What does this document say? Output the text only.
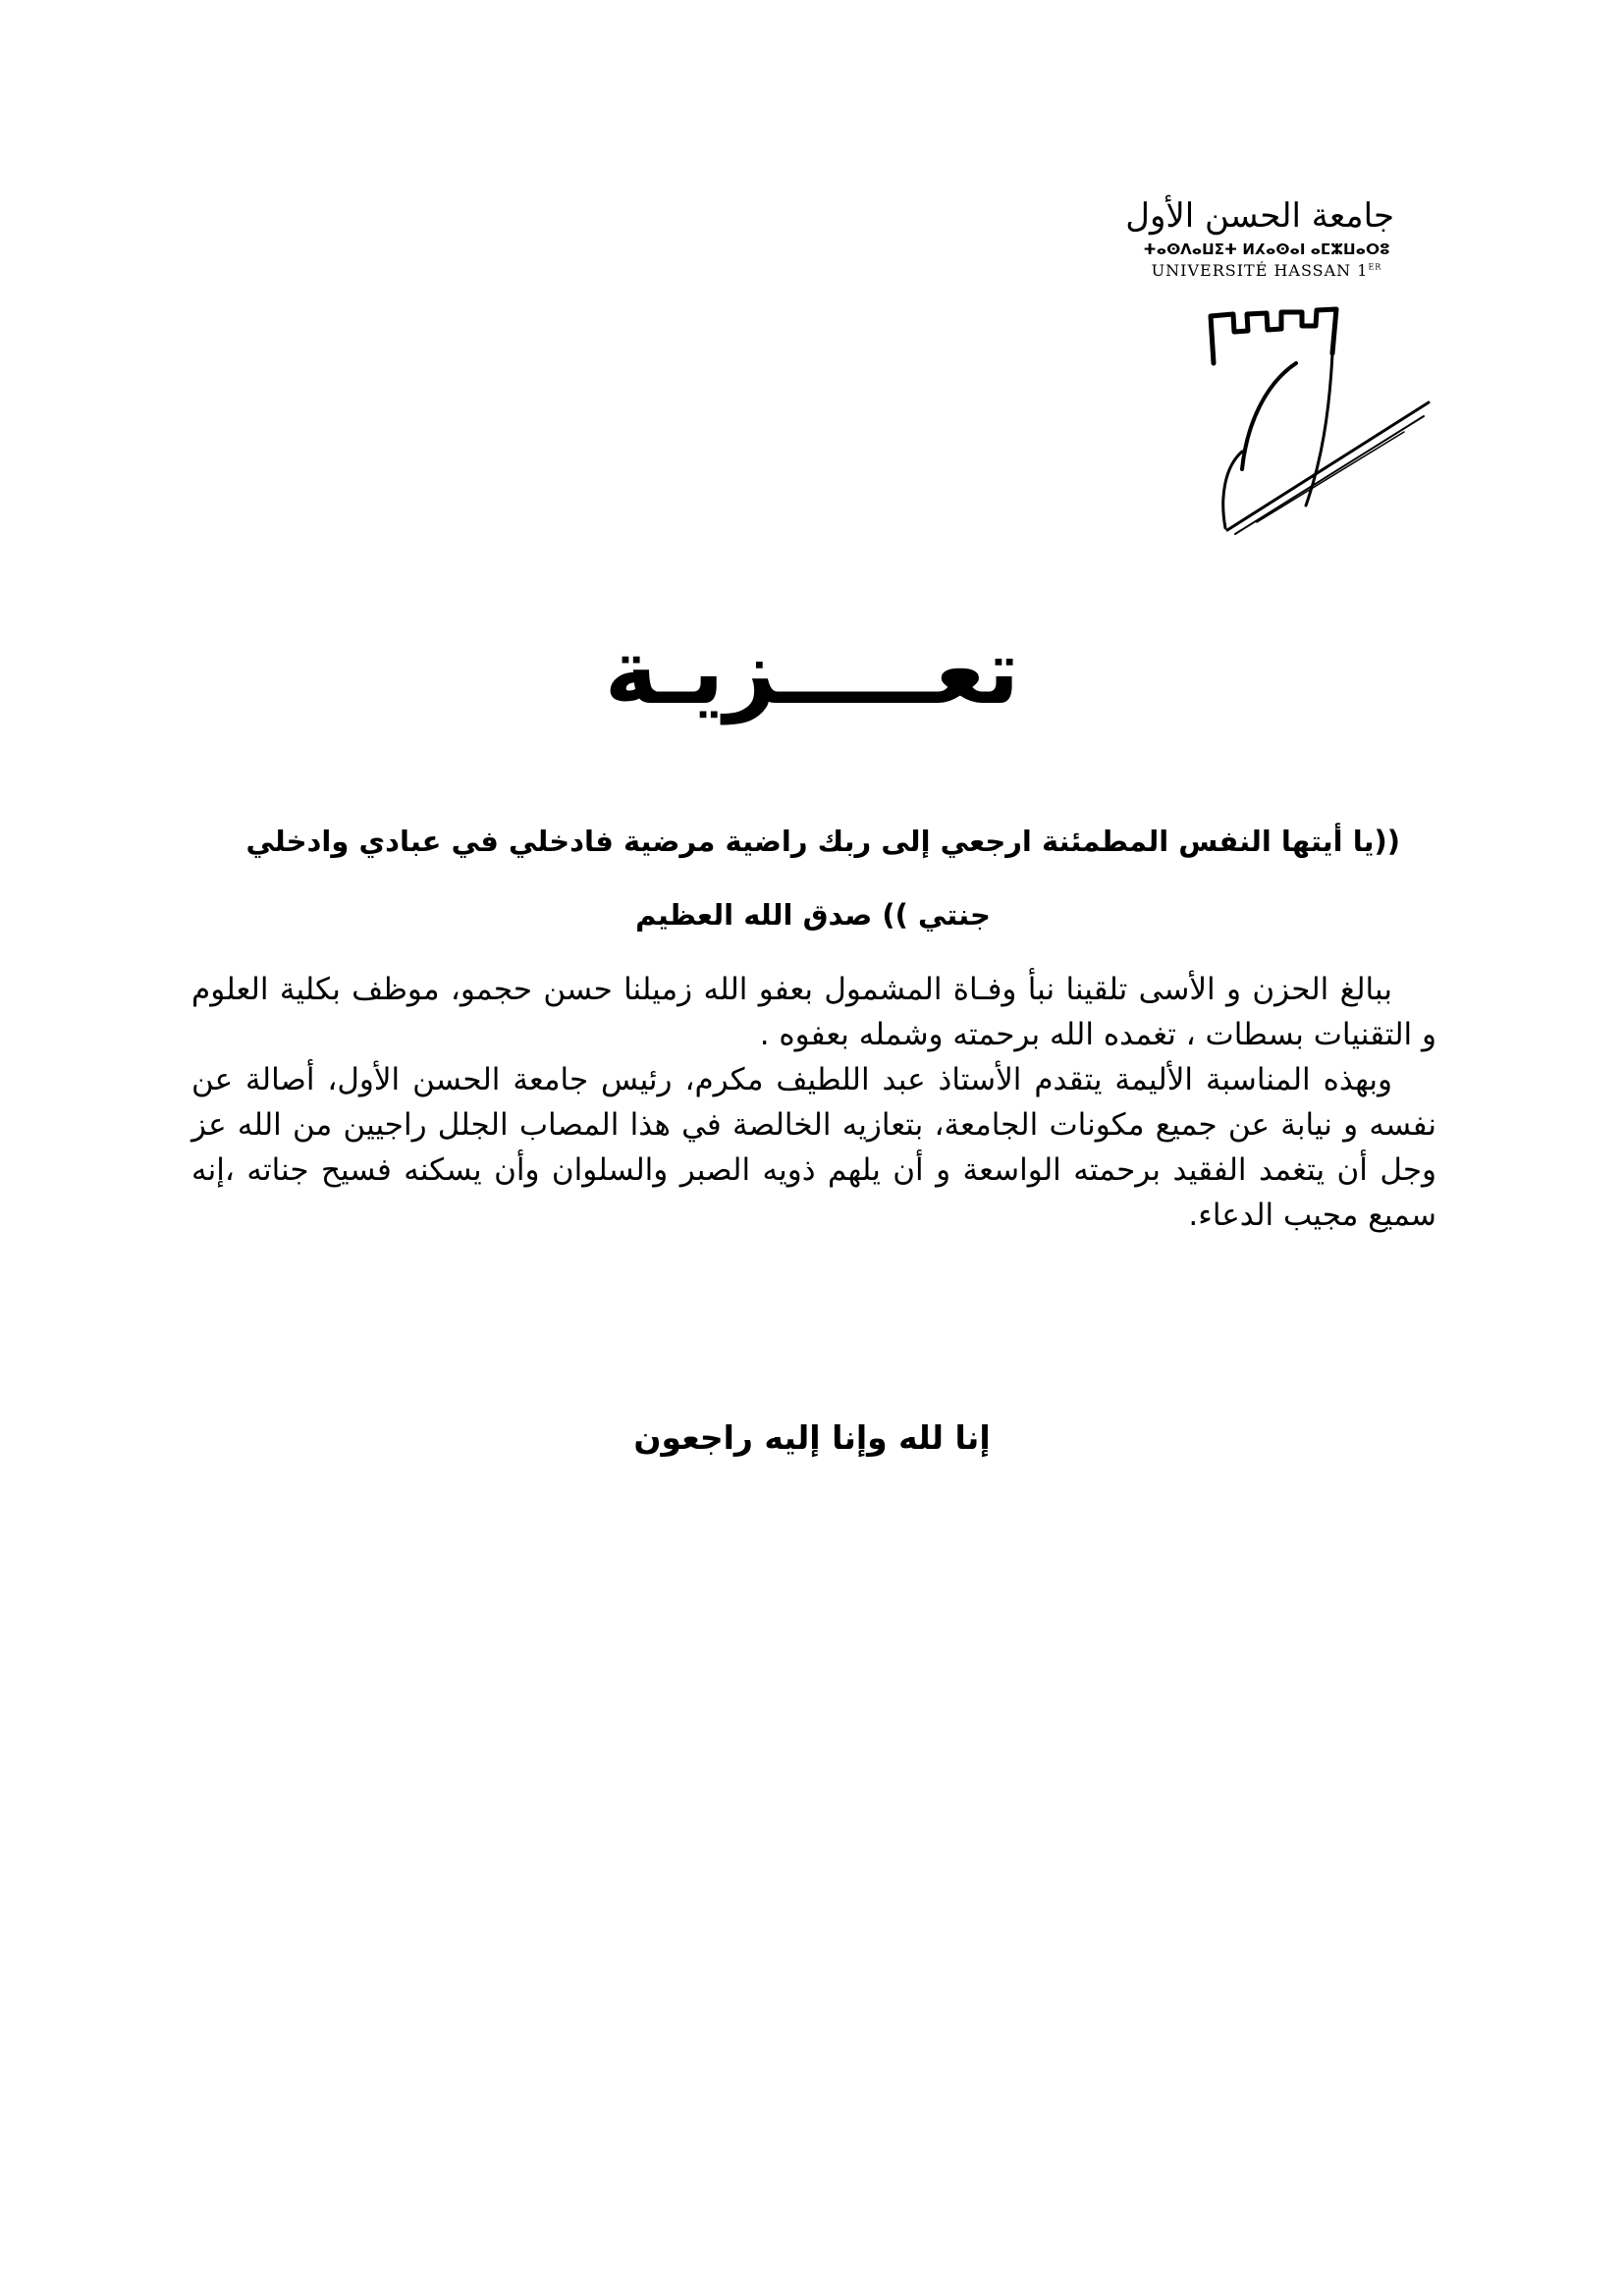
جامعة الحسن الأول
ⵜⴰⵙⴷⴰⵡⵉⵜ ⵍⵃⴰⵙⴰⵏ ⴰⵎⵣⵡⴰⵔⵓ
UNIVERSITÉ HASSAN 1ER
تعـــــزيـة
((يا أيتها النفس المطمئنة ارجعي إلى ربك راضية مرضية فادخلي في عبادي وادخلي
جنتي )) صدق الله العظيم

ببالغ الحزن و الأسى تلقينا نبأ وفـاة المشمول بعفو الله زميلنا حسن حجمو، موظف بكلية العلوم و التقنيات بسطات ، تغمده الله برحمته وشمله بعفوه .

وبهذه المناسبة الأليمة يتقدم الأستاذ عبد اللطيف مكرم، رئيس جامعة الحسن الأول، أصالة عن نفسه و نيابة عن جميع مكونات الجامعة، بتعازيه الخالصة في هذا المصاب الجلل راجيين من الله عز وجل أن يتغمد الفقيد برحمته الواسعة و أن يلهم ذويه الصبر والسلوان وأن يسكنه فسيح جناته ،إنه سميع مجيب الدعاء.

إنا لله وإنا إليه راجعون
